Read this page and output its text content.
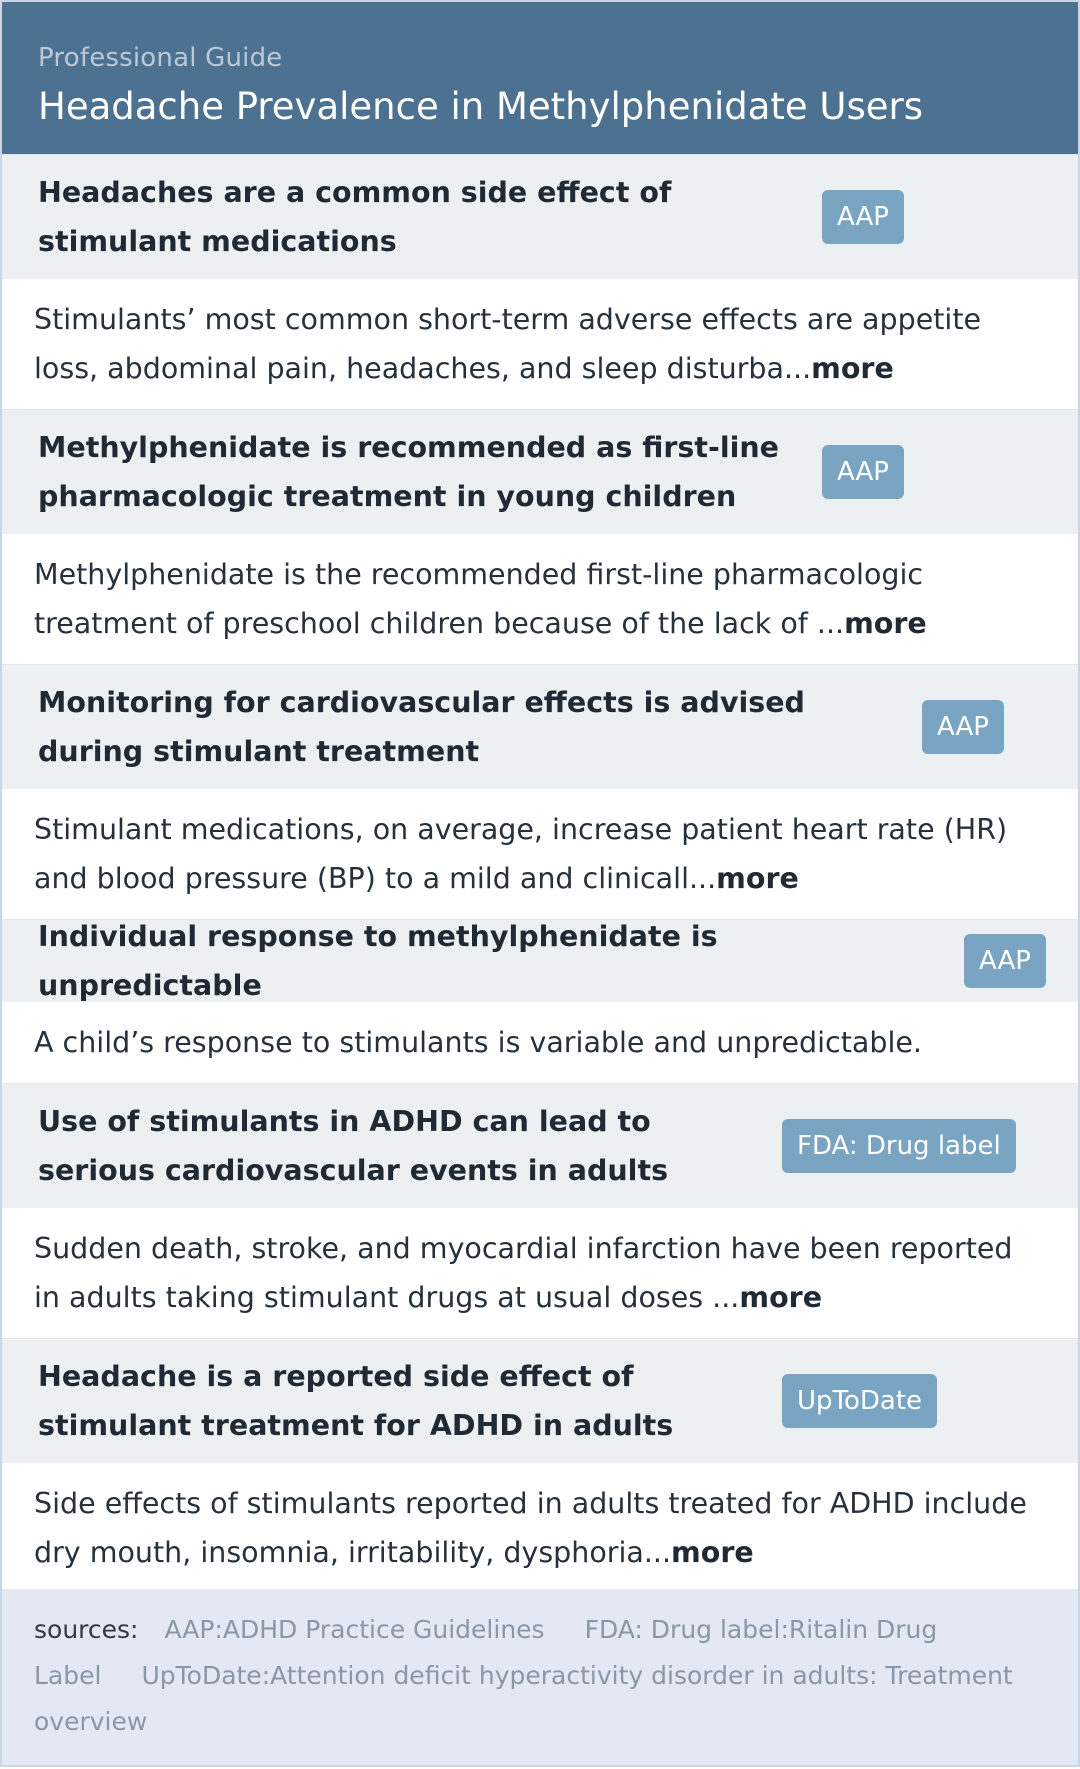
Professional Guide
Headache Prevalence in Methylphenidate Users
Headaches are a common side effect of stimulant medications
AAP
Stimulants’ most common short-term adverse effects are appetite loss, abdominal pain, headaches, and sleep disturba...more
Methylphenidate is recommended as first-line pharmacologic treatment in young children
AAP
Methylphenidate is the recommended first-line pharmacologic treatment of preschool children because of the lack of ...more
Monitoring for cardiovascular effects is advised during stimulant treatment
AAP
Stimulant medications, on average, increase patient heart rate (HR) and blood pressure (BP) to a mild and clinicall...more
Individual response to methylphenidate is unpredictable
AAP
A child’s response to stimulants is variable and unpredictable.
Use of stimulants in ADHD can lead to serious cardiovascular events in adults
FDA: Drug label
Sudden death, stroke, and myocardial infarction have been reported in adults taking stimulant drugs at usual doses ...more
Headache is a reported side effect of stimulant treatment for ADHD in adults
UpToDate
Side effects of stimulants reported in adults treated for ADHD include dry mouth, insomnia, irritability, dysphoria...more
sources: AAP:ADHD Practice Guidelines FDA: Drug label:Ritalin Drug Label UpToDate:Attention deficit hyperactivity disorder in adults: Treatment overview
